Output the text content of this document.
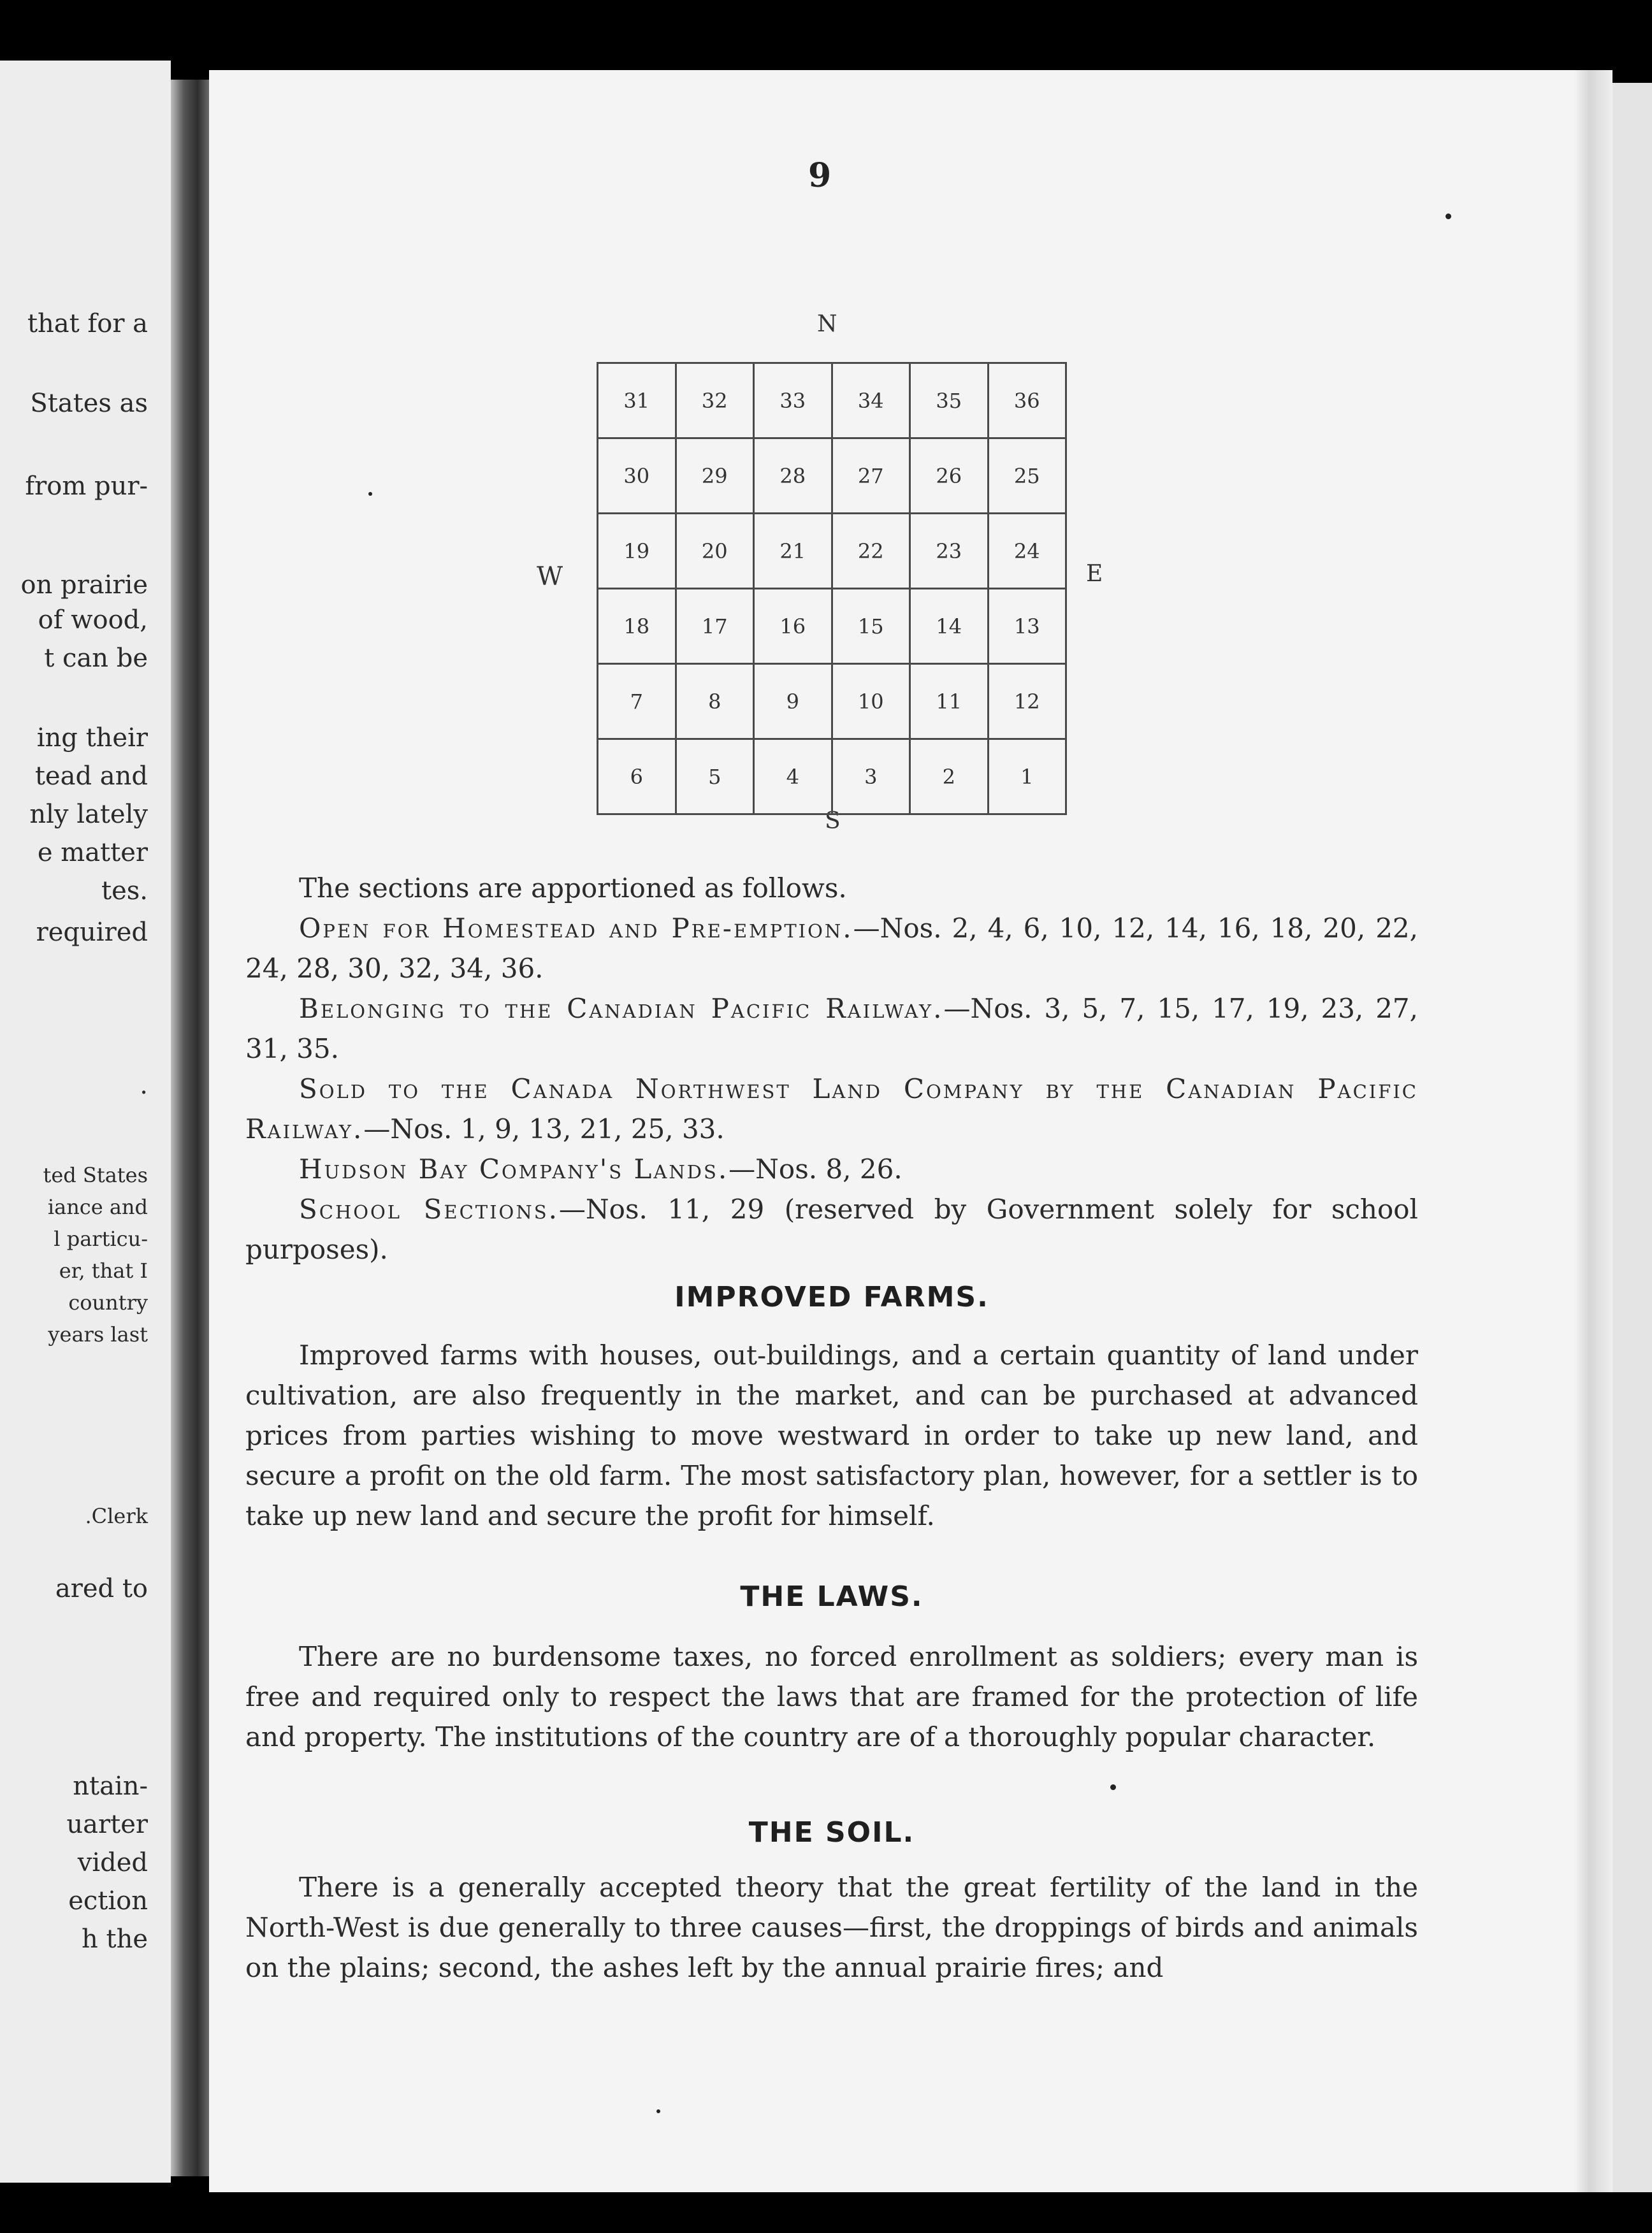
that for a
States as
from pur-
on prairie
of wood,
t can be
ing their
tead and
nly lately
e matter
tes.
required
.
ted States
iance and
l particu-
er, that I
country
years last
.Clerk
ared to
ntain-
uarter
vided
ection
h the
9
N
S
W	E
31	32	33	34	35	36
30	29	28	27	26	25
19	20	21	22	23	24
18	17	16	15	14	13
7	8	9	10	11	12
6	5	4	3	2	1

The sections are apportioned as follows.

Open for Homestead and Pre-emption.—Nos. 2, 4, 6, 10, 12, 14, 16, 18, 20, 22, 24, 28, 30, 32, 34, 36.

Belonging to the Canadian Pacific Railway.—Nos. 3, 5, 7, 15, 17, 19, 23, 27, 31, 35.

Sold to the Canada Northwest Land Company by the Canadian Pacific Railway.—Nos. 1, 9, 13, 21, 25, 33.

Hudson Bay Company's Lands.—Nos. 8, 26.

School Sections.—Nos. 11, 29 (reserved by Government solely for school purposes).

IMPROVED FARMS.

Improved farms with houses, out-buildings, and a certain quantity of land under cultivation, are also frequently in the market, and can be purchased at advanced prices from parties wishing to move westward in order to take up new land, and secure a profit on the old farm. The most satisfactory plan, however, for a settler is to take up new land and secure the profit for himself.

THE LAWS.

There are no burdensome taxes, no forced enrollment as soldiers; every man is free and required only to respect the laws that are framed for the protection of life and property. The institutions of the country are of a thoroughly popular character.

THE SOIL.

There is a generally accepted theory that the great fertility of the land in the North-West is due generally to three causes—first, the droppings of birds and animals on the plains; second, the ashes left by the annual prairie fires; and
